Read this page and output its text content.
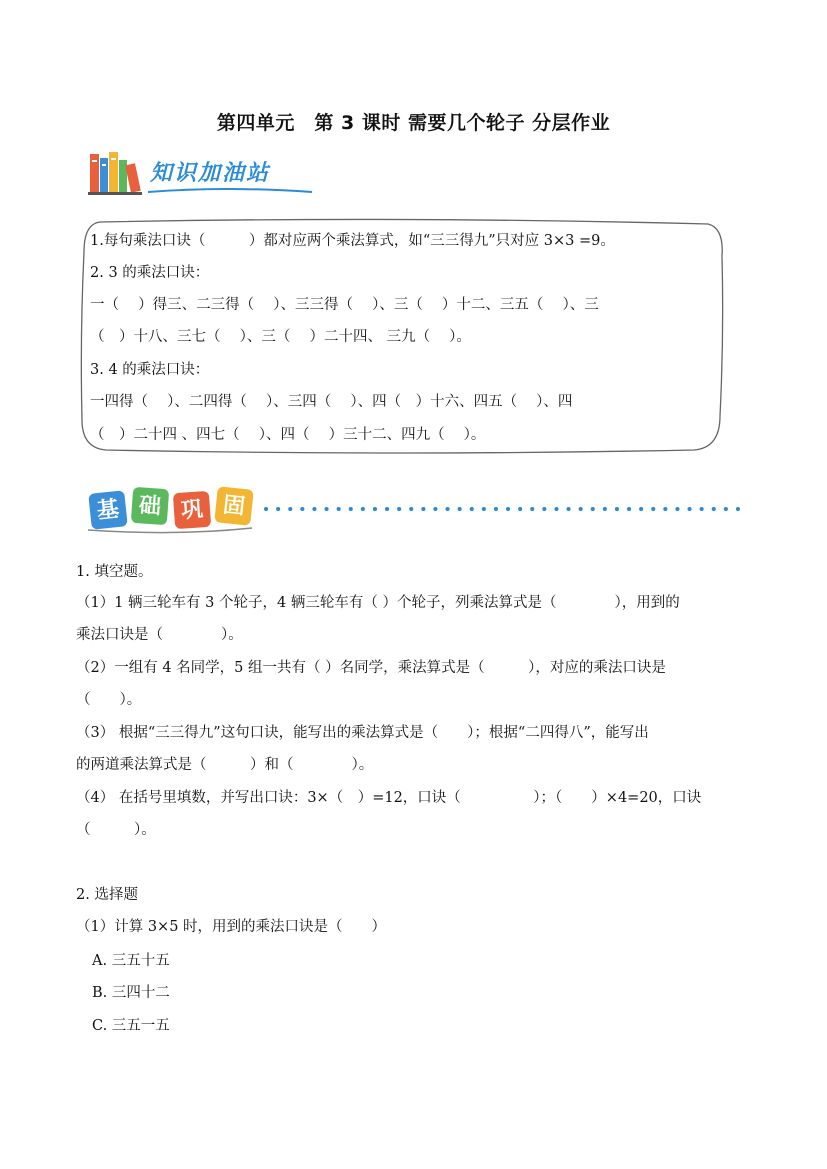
第四单元　第 3 课时 需要几个轮子 分层作业
知识加油站
1.每句乘法口诀（　　　）都对应两个乘法算式，如“三三得九”只对应 3×3 =9。
2. 3 的乘法口诀：
一（　 ）得三、二三得（　 ）、三三得（　 ）、三（　 ）十二、三五（　 ）、三
（　）十八、三七（　 ）、三（　 ）二十四、 三九（　 ）。
3. 4 的乘法口诀：
一四得（　 ）、二四得（　 ）、三四（　 ）、四（　）十六、四五（　 ）、四
（　）二十四 、四七（　 ）、四（　 ）三十二、四九（　 ）。
基 础 巩 固
1. 填空题。
（1）1 辆三轮车有 3 个轮子，4 辆三轮车有（ ）个轮子，列乘法算式是（　　　　），用到的
乘法口诀是（　　　　）。
（2）一组有 4 名同学，5 组一共有（ ）名同学，乘法算式是（　　　），对应的乘法口诀是
（　　）。
（3） 根据“三三得九”这句口诀，能写出的乘法算式是（　　）；根据“二四得八”，能写出
的两道乘法算式是（　　　）和（　　　　）。
（4） 在括号里填数，并写出口诀：3×（　）=12，口诀（　　　　　）；（　　）×4=20，口诀
（　　　）。
2. 选择题
（1）计算 3×5 时，用到的乘法口诀是（　　）
A. 三五十五
B. 三四十二
C. 三五一五
